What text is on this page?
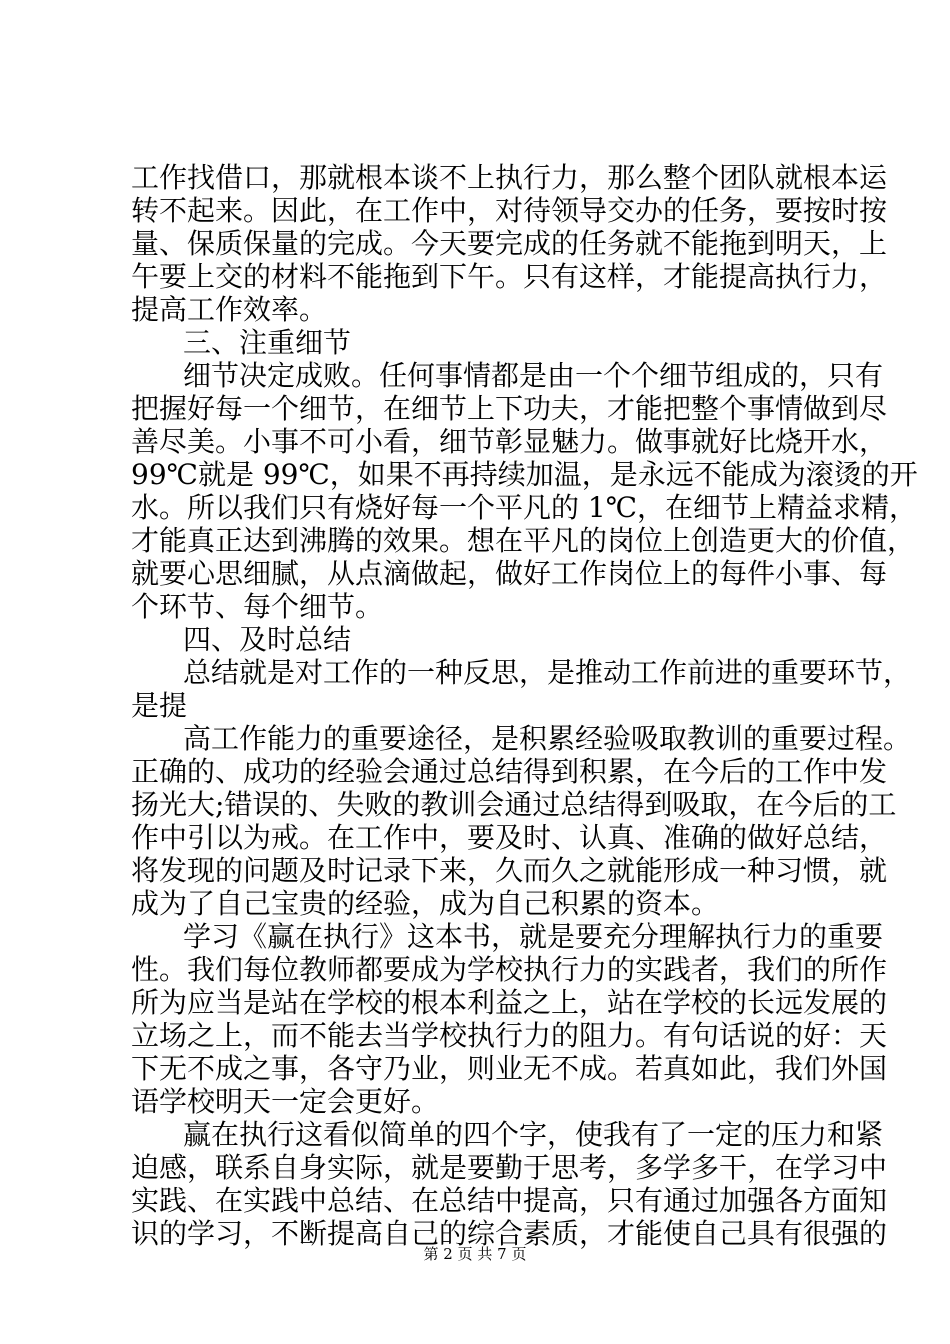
工作找借口，那就根本谈不上执行力，那么整个团队就根本运
转不起来。因此，在工作中，对待领导交办的任务，要按时按
量、保质保量的完成。今天要完成的任务就不能拖到明天，上
午要上交的材料不能拖到下午。只有这样，才能提高执行力，
提高工作效率。
三、注重细节
细节决定成败。任何事情都是由一个个细节组成的，只有
把握好每一个细节，在细节上下功夫，才能把整个事情做到尽
善尽美。小事不可小看，细节彰显魅力。做事就好比烧开水，
99℃就是 99℃，如果不再持续加温，是永远不能成为滚烫的开
水。所以我们只有烧好每一个平凡的 1℃，在细节上精益求精，
才能真正达到沸腾的效果。想在平凡的岗位上创造更大的价值，
就要心思细腻，从点滴做起，做好工作岗位上的每件小事、每
个环节、每个细节。
四、及时总结
总结就是对工作的一种反思，是推动工作前进的重要环节，
是提
高工作能力的重要途径，是积累经验吸取教训的重要过程。
正确的、成功的经验会通过总结得到积累，在今后的工作中发
扬光大;错误的、失败的教训会通过总结得到吸取，在今后的工
作中引以为戒。在工作中，要及时、认真、准确的做好总结，
将发现的问题及时记录下来，久而久之就能形成一种习惯，就
成为了自己宝贵的经验，成为自己积累的资本。
学习《赢在执行》这本书，就是要充分理解执行力的重要
性。我们每位教师都要成为学校执行力的实践者，我们的所作
所为应当是站在学校的根本利益之上，站在学校的长远发展的
立场之上，而不能去当学校执行力的阻力。有句话说的好：天
下无不成之事，各守乃业，则业无不成。若真如此，我们外国
语学校明天一定会更好。
赢在执行这看似简单的四个字，使我有了一定的压力和紧
迫感，联系自身实际，就是要勤于思考，多学多干，在学习中
实践、在实践中总结、在总结中提高，只有通过加强各方面知
识的学习，不断提高自己的综合素质，才能使自己具有很强的
第 2 页 共 7 页
